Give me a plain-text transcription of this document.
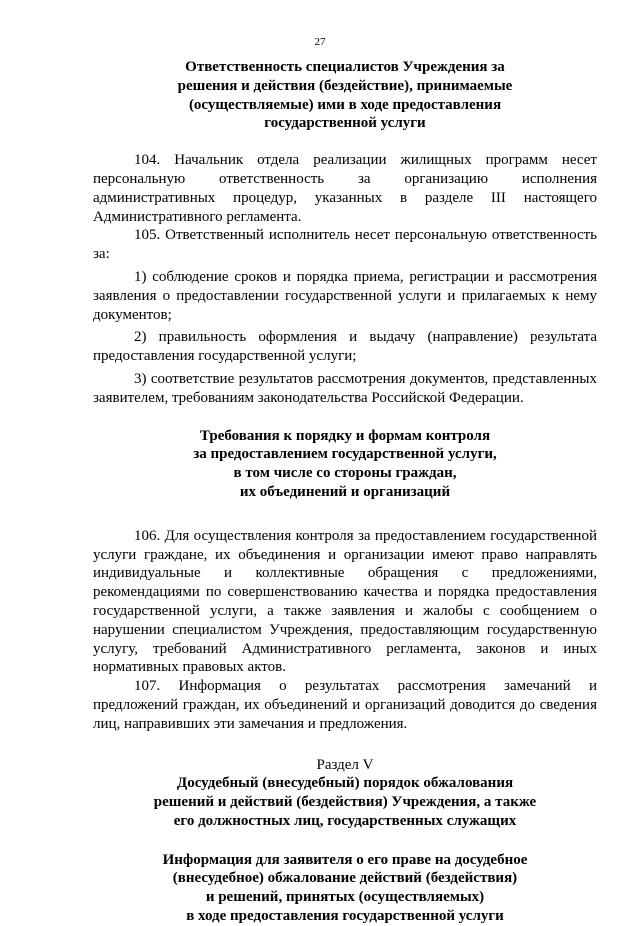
27
Ответственность специалистов Учреждения за
решения и действия (бездействие), принимаемые
(осуществляемые) ими в ходе предоставления
государственной услуги

104. Начальник отдела реализации жилищных программ несет персональную ответственность за организацию исполнения административных процедур, указанных в разделе III настоящего Административного регламента.

105. Ответственный исполнитель несет персональную ответственность за:

1) соблюдение сроков и порядка приема, регистрации и рассмотрения заявления о предоставлении государственной услуги и прилагаемых к нему документов;

2) правильность оформления и выдачу (направление) результата предоставления государственной услуги;

3) соответствие результатов рассмотрения документов, представленных заявителем, требованиям законодательства Российской Федерации.

Требования к порядку и формам контроля
за предоставлением государственной услуги,
в том числе со стороны граждан,
их объединений и организаций

106. Для осуществления контроля за предоставлением государственной услуги граждане, их объединения и организации имеют право направлять индивидуальные и коллективные обращения с предложениями, рекомендациями по совершенствованию качества и порядка предоставления государственной услуги, а также заявления и жалобы с сообщением о нарушении специалистом Учреждения, предоставляющим государственную услугу, требований Административного регламента, законов и иных нормативных правовых актов.

107. Информация о результатах рассмотрения замечаний и предложений граждан, их объединений и организаций доводится до сведения лиц, направивших эти замечания и предложения.

Раздел V
Досудебный (внесудебный) порядок обжалования
решений и действий (бездействия) Учреждения, а также
его должностных лиц, государственных служащих
Информация для заявителя о его праве на досудебное
(внесудебное) обжалование действий (бездействия)
и решений, принятых (осуществляемых)
в ходе предоставления государственной услуги
